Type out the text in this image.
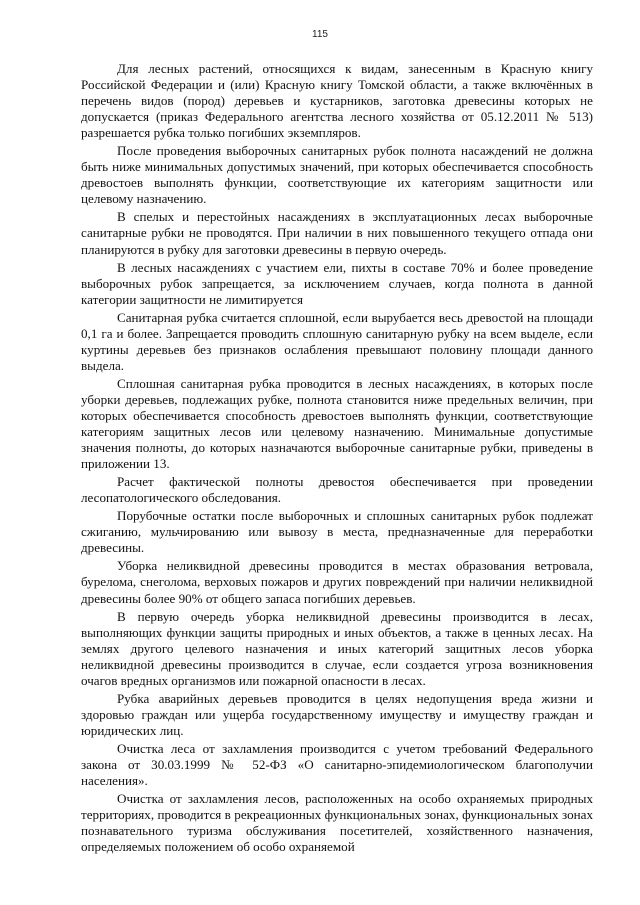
115

Для лесных растений, относящихся к видам, занесенным в Красную книгу Российской Федерации и (или) Красную книгу Томской области, а также включённых в перечень видов (пород) деревьев и кустарников, заготовка древесины которых не допускается (приказ Федерального агентства лесного хозяйства от 05.12.2011 № 513) разрешается рубка только погибших экземпляров.

После проведения выборочных санитарных рубок полнота насаждений не должна быть ниже минимальных допустимых значений, при которых обеспечивается способность древостоев выполнять функции, соответствующие их категориям защитности или целевому назначению.

В спелых и перестойных насаждениях в эксплуатационных лесах выборочные санитарные рубки не проводятся. При наличии в них повышенного текущего отпада они планируются в рубку для заготовки древесины в первую очередь.

В лесных насаждениях с участием ели, пихты в составе 70% и более проведение выборочных рубок запрещается, за исключением случаев, когда полнота в данной категории защитности не лимитируется

Санитарная рубка считается сплошной, если вырубается весь древостой на площади 0,1 га и более. Запрещается проводить сплошную санитарную рубку на всем выделе, если куртины деревьев без признаков ослабления превышают половину площади данного выдела.

Сплошная санитарная рубка проводится в лесных насаждениях, в которых после уборки деревьев, подлежащих рубке, полнота становится ниже предельных величин, при которых обеспечивается способность древостоев выполнять функции, соответствующие категориям защитных лесов или целевому назначению. Минимальные допустимые значения полноты, до которых назначаются выборочные санитарные рубки, приведены в приложении 13.

Расчет фактической полноты древостоя обеспечивается при проведении лесопатологического обследования.

Порубочные остатки после выборочных и сплошных санитарных рубок подлежат сжиганию, мульчированию или вывозу в места, предназначенные для переработки древесины.

Уборка неликвидной древесины проводится в местах образования ветровала, бурелома, снеголома, верховых пожаров и других повреждений при наличии неликвидной древесины более 90% от общего запаса погибших деревьев.

В первую очередь уборка неликвидной древесины производится в лесах, выполняющих функции защиты природных и иных объектов, а также в ценных лесах. На землях другого целевого назначения и иных категорий защитных лесов уборка неликвидной древесины производится в случае, если создается угроза возникновения очагов вредных организмов или пожарной опасности в лесах.

Рубка аварийных деревьев проводится в целях недопущения вреда жизни и здоровью граждан или ущерба государственному имуществу и имуществу граждан и юридических лиц.

Очистка леса от захламления производится с учетом требований Федерального закона от 30.03.1999 № 52-ФЗ «О санитарно-эпидемиологическом благополучии населения».

Очистка от захламления лесов, расположенных на особо охраняемых природных территориях, проводится в рекреационных функциональных зонах, функциональных зонах познавательного туризма обслуживания посетителей, хозяйственного назначения, определяемых положением об особо охраняемой
